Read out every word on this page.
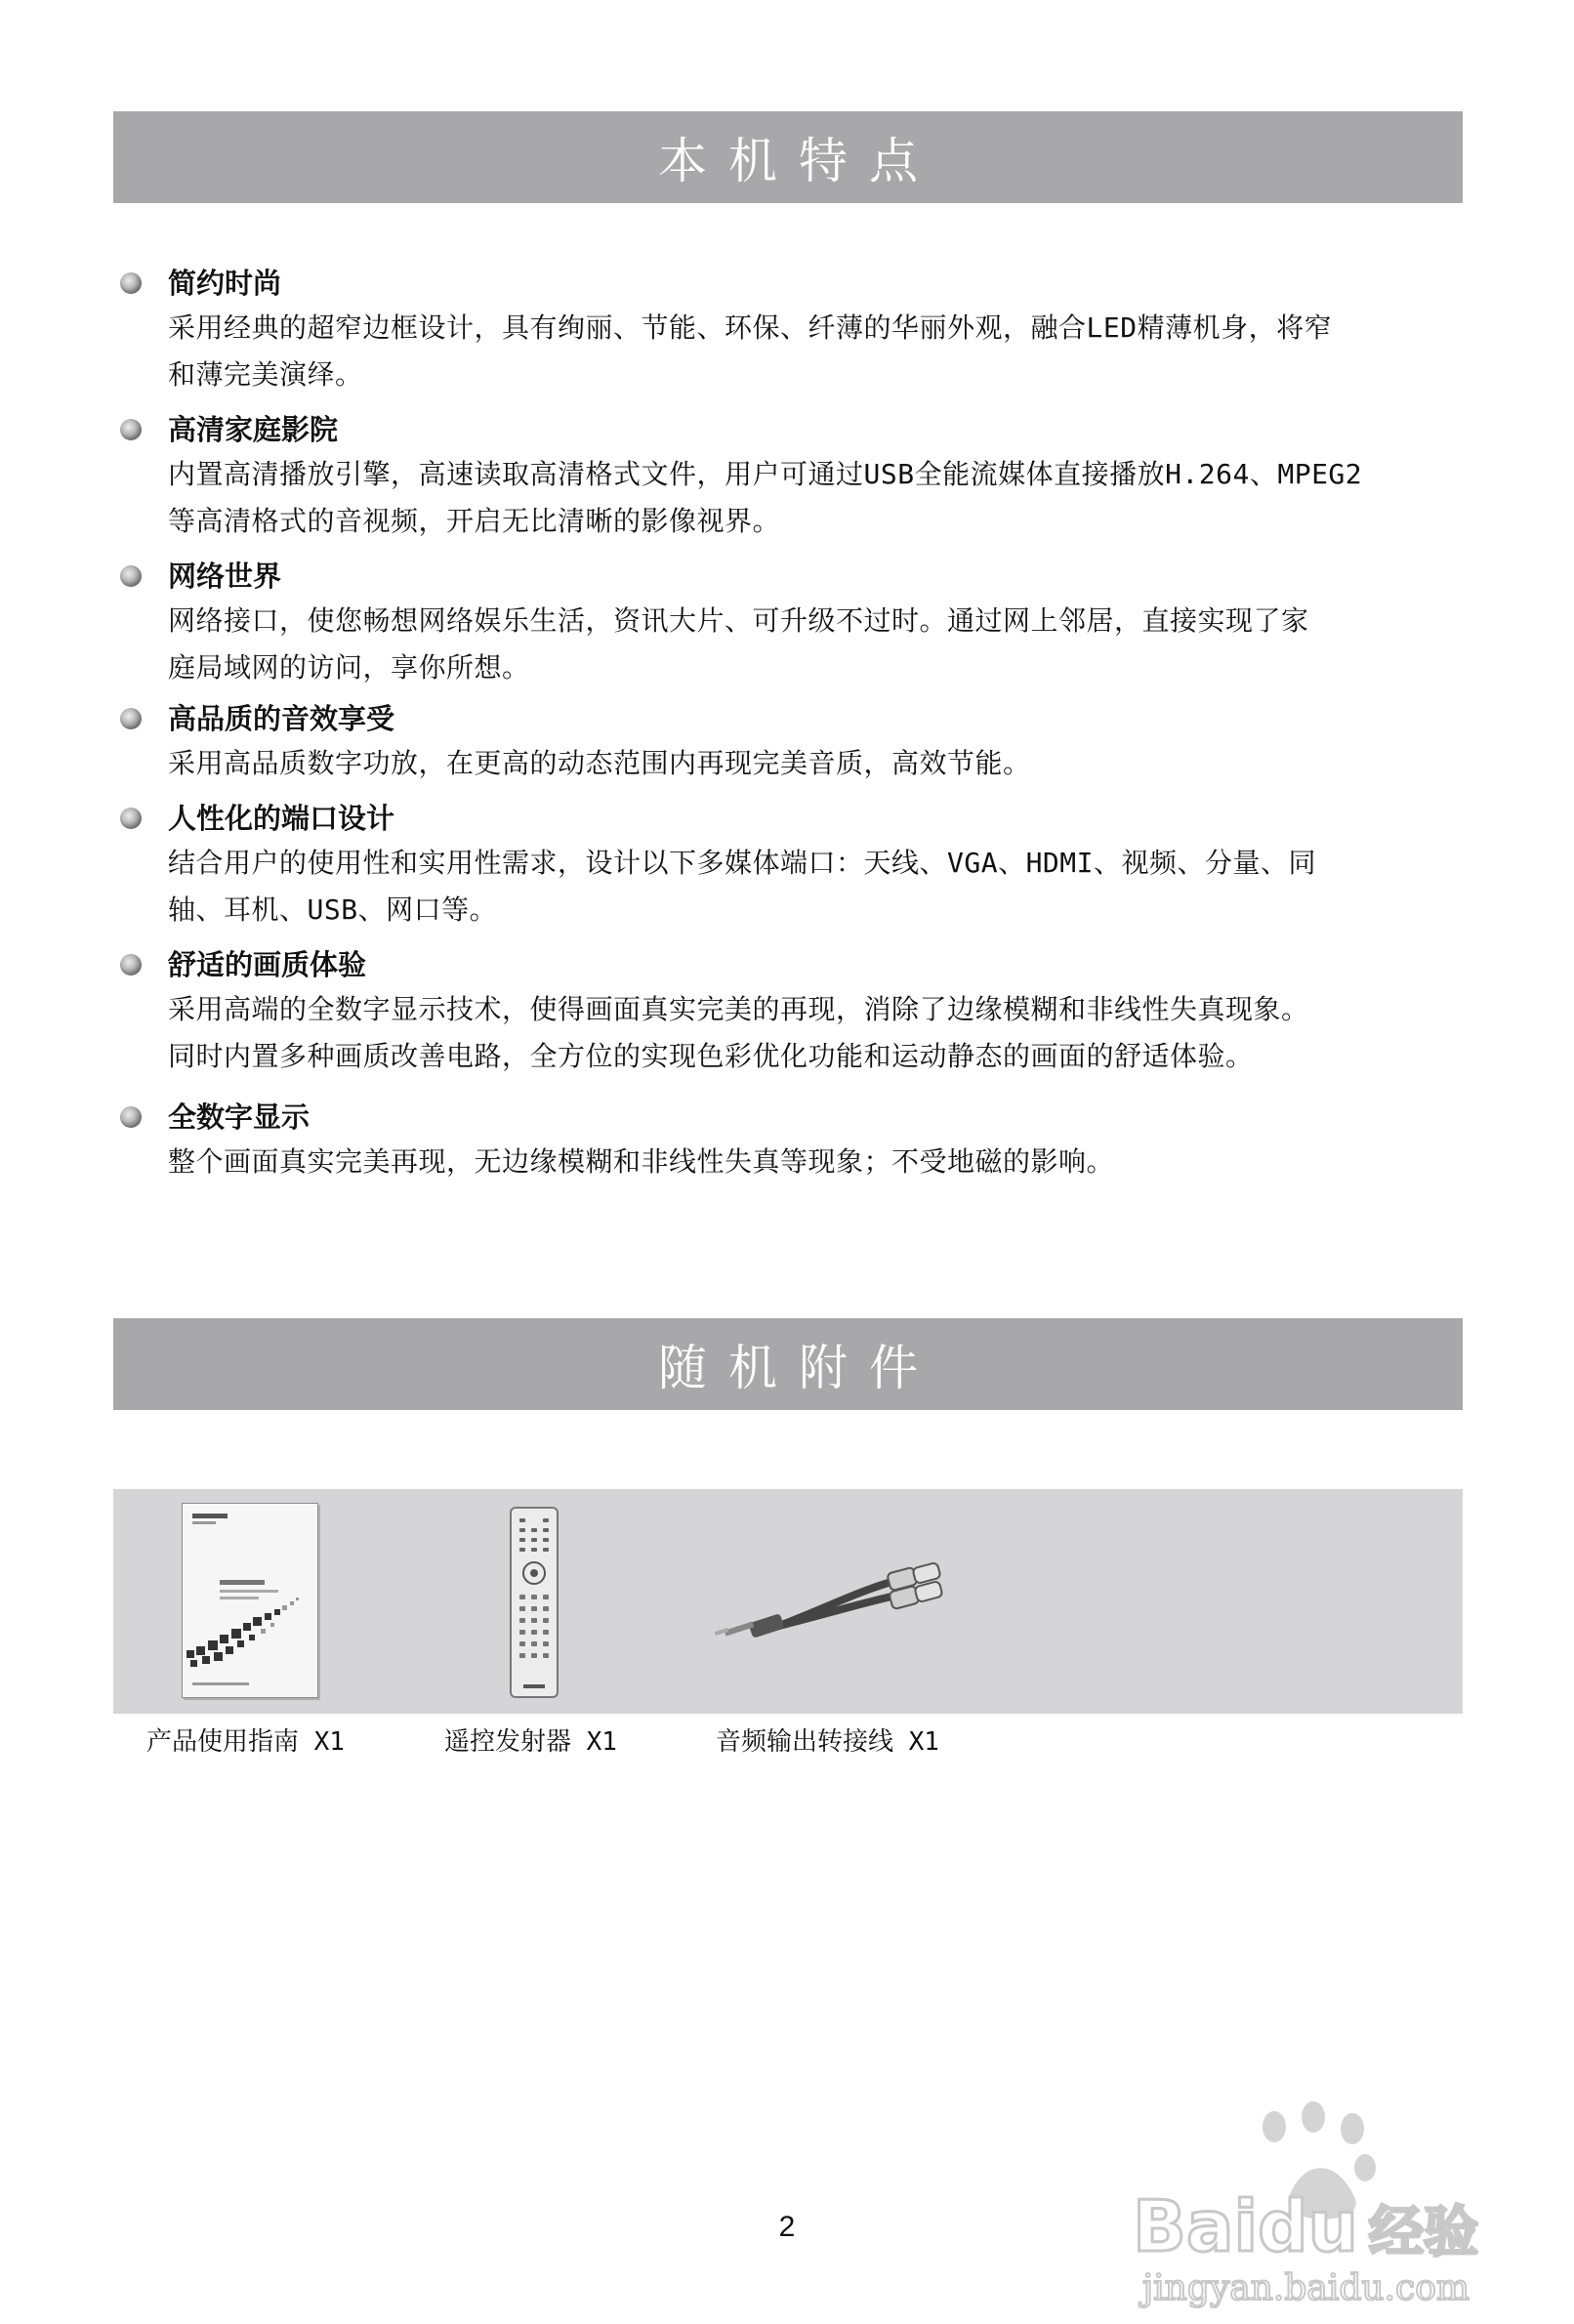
本机特点
简约时尚
采用经典的超窄边框设计，具有绚丽、节能、环保、纤薄的华丽外观，融合LED精薄机身，将窄
和薄完美演绎。
高清家庭影院
内置高清播放引擎，高速读取高清格式文件，用户可通过USB全能流媒体直接播放H.264、MPEG2
等高清格式的音视频，开启无比清晰的影像视界。
网络世界
网络接口，使您畅想网络娱乐生活，资讯大片、可升级不过时。通过网上邻居，直接实现了家
庭局域网的访问，享你所想。
高品质的音效享受
采用高品质数字功放，在更高的动态范围内再现完美音质，高效节能。
人性化的端口设计
结合用户的使用性和实用性需求，设计以下多媒体端口：天线、VGA、HDMI、视频、分量、同
轴、耳机、USB、网口等。
舒适的画质体验
采用高端的全数字显示技术，使得画面真实完美的再现，消除了边缘模糊和非线性失真现象。
同时内置多种画质改善电路，全方位的实现色彩优化功能和运动静态的画面的舒适体验。
全数字显示
整个画面真实完美再现，无边缘模糊和非线性失真等现象；不受地磁的影响。
随机附件
产品使用指南 X1	遥控发射器 X1	音频输出转接线 X1
Baidu 经验
jingyan.baidu.com
2
